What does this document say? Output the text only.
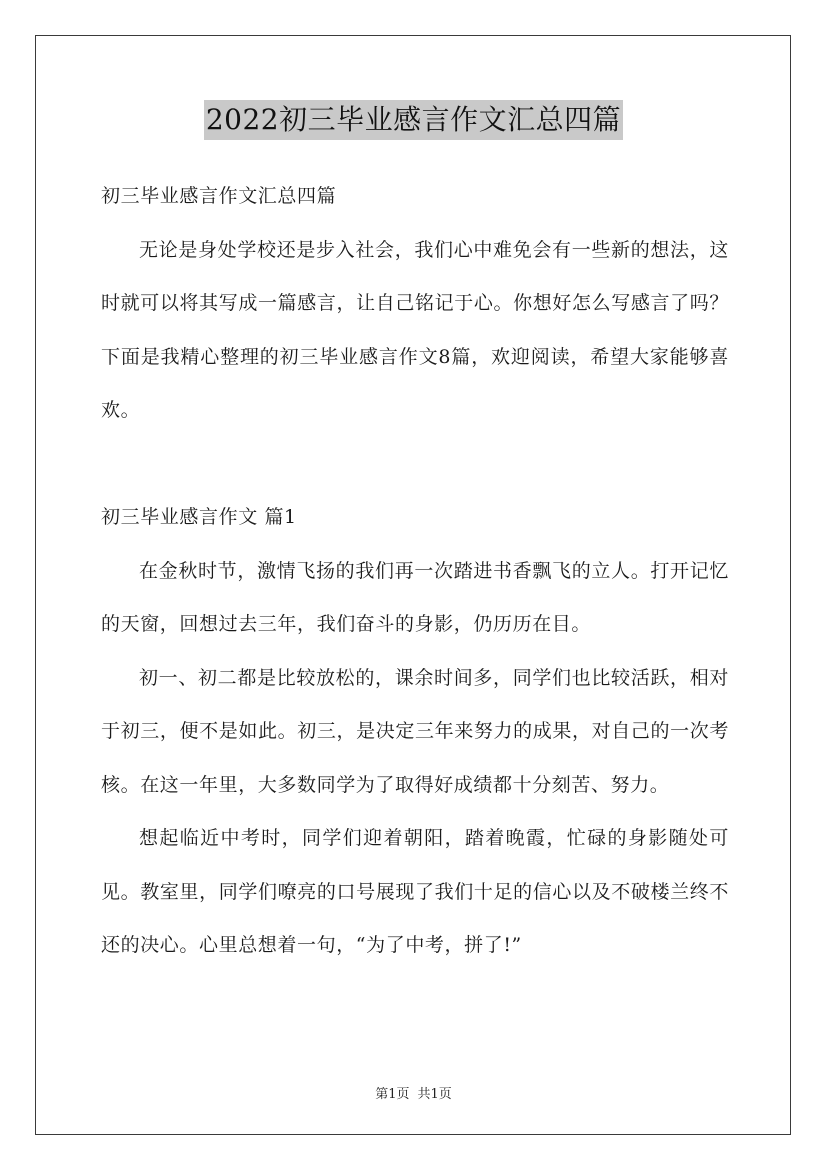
2022初三毕业感言作文汇总四篇

初三毕业感言作文汇总四篇

无论是身处学校还是步入社会，我们心中难免会有一些新的想法，这时就可以将其写成一篇感言，让自己铭记于心。你想好怎么写感言了吗？下面是我精心整理的初三毕业感言作文8篇，欢迎阅读，希望大家能够喜欢。

初三毕业感言作文 篇1

在金秋时节，激情飞扬的我们再一次踏进书香飘飞的立人。打开记忆的天窗，回想过去三年，我们奋斗的身影，仍历历在目。

初一、初二都是比较放松的，课余时间多，同学们也比较活跃，相对于初三，便不是如此。初三，是决定三年来努力的成果，对自己的一次考核。在这一年里，大多数同学为了取得好成绩都十分刻苦、努力。

想起临近中考时，同学们迎着朝阳，踏着晚霞，忙碌的身影随处可见。教室里，同学们嘹亮的口号展现了我们十足的信心以及不破楼兰终不还的决心。心里总想着一句，“为了中考，拼了!”

第1页 共1页
